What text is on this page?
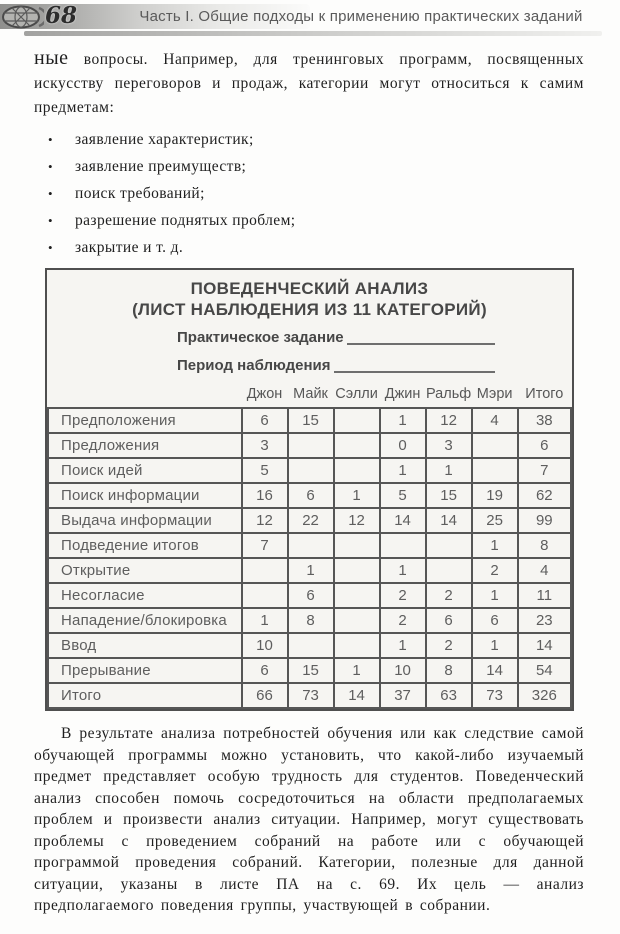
68	Часть I. Общие подходы к применению практических заданий

ные вопросы. Например, для тренинговых программ, посвященных искусству переговоров и продаж, категории могут относиться к самим предметам:

•	заявление характеристик;
•	заявление преимуществ;
•	поиск требований;
•	разрешение поднятых проблем;
•	закрытие и т. д.
ПОВЕДЕНЧЕСКИЙ АНАЛИЗ
(ЛИСТ НАБЛЮДЕНИЯ ИЗ 11 КАТЕГОРИЙ)
Практическое задание
Период наблюдения
	Джон	Майк	Сэлли	Джин	Ральф	Мэри	Итого
Предположения	6	15		1	12	4	38
Предложения	3			0	3		6
Поиск идей	5			1	1		7
Поиск информации	16	6	1	5	15	19	62
Выдача информации	12	22	12	14	14	25	99
Подведение итогов	7					1	8
Открытие		1		1		2	4
Несогласие		6		2	2	1	11
Нападение/блокировка	1	8		2	6	6	23
Ввод	10			1	2	1	14
Прерывание	6	15	1	10	8	14	54
Итого	66	73	14	37	63	73	326

В результате анализа потребностей обучения или как следствие самой обучающей программы можно установить, что какой-либо изучаемый предмет представляет особую трудность для студентов. Поведенческий анализ способен помочь сосредоточиться на области предполагаемых проблем и произвести анализ ситуации. Например, могут существовать проблемы с проведением собраний на работе или с обучающей программой проведения собраний. Категории, полезные для данной ситуации, указаны в листе ПА на с. 69. Их цель — анализ предполагаемого поведения группы, участвующей в собрании.
